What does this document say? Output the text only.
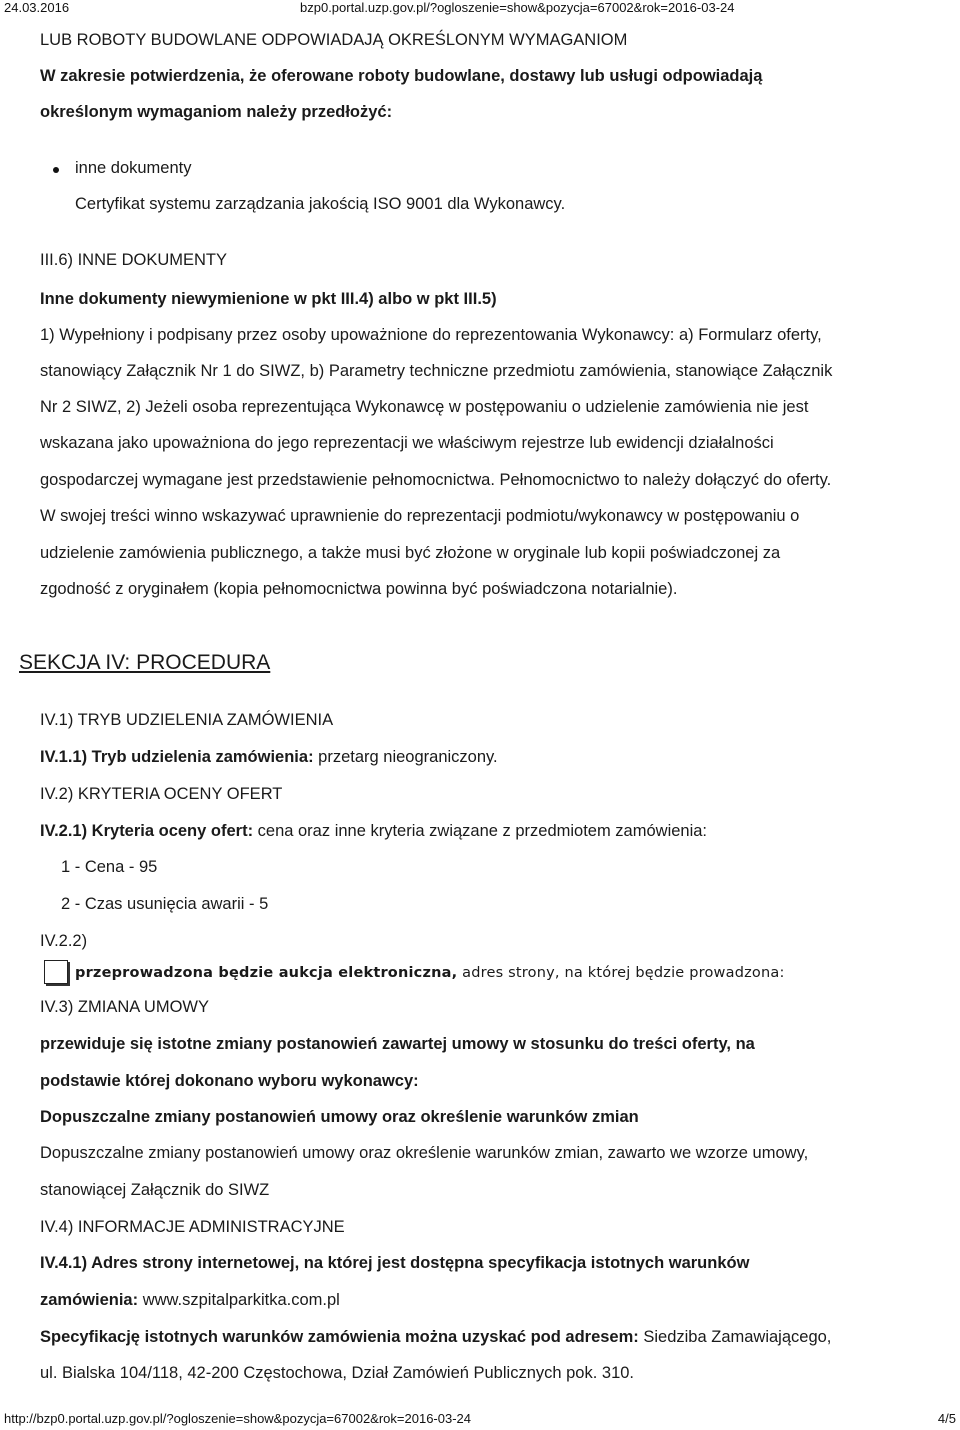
24.03.2016	bzp0.portal.uzp.gov.pl/?ogloszenie=show&pozycja=67002&rok=2016-03-24
LUB ROBOTY BUDOWLANE ODPOWIADAJĄ OKREŚLONYM WYMAGANIOM
W zakresie potwierdzenia, że oferowane roboty budowlane, dostawy lub usługi odpowiadają
określonym wymaganiom należy przedłożyć:
inne dokumenty
Certyfikat systemu zarządzania jakością ISO 9001 dla Wykonawcy.
III.6) INNE DOKUMENTY
Inne dokumenty niewymienione w pkt III.4) albo w pkt III.5)
1) Wypełniony i podpisany przez osoby upoważnione do reprezentowania Wykonawcy: a) Formularz oferty,
stanowiący Załącznik Nr 1 do SIWZ, b) Parametry techniczne przedmiotu zamówienia, stanowiące Załącznik
Nr 2 SIWZ, 2) Jeżeli osoba reprezentująca Wykonawcę w postępowaniu o udzielenie zamówienia nie jest
wskazana jako upoważniona do jego reprezentacji we właściwym rejestrze lub ewidencji działalności
gospodarczej wymagane jest przedstawienie pełnomocnictwa. Pełnomocnictwo to należy dołączyć do oferty.
W swojej treści winno wskazywać uprawnienie do reprezentacji podmiotu/wykonawcy w postępowaniu o
udzielenie zamówienia publicznego, a także musi być złożone w oryginale lub kopii poświadczonej za
zgodność z oryginałem (kopia pełnomocnictwa powinna być poświadczona notarialnie).
SEKCJA IV: PROCEDURA
IV.1) TRYB UDZIELENIA ZAMÓWIENIA
IV.1.1) Tryb udzielenia zamówienia: przetarg nieograniczony.
IV.2) KRYTERIA OCENY OFERT
IV.2.1) Kryteria oceny ofert: cena oraz inne kryteria związane z przedmiotem zamówienia:
1 - Cena - 95
2 - Czas usunięcia awarii - 5
IV.2.2)
przeprowadzona będzie aukcja elektroniczna, adres strony, na której będzie prowadzona:
IV.3) ZMIANA UMOWY
przewiduje się istotne zmiany postanowień zawartej umowy w stosunku do treści oferty, na
podstawie której dokonano wyboru wykonawcy:
Dopuszczalne zmiany postanowień umowy oraz określenie warunków zmian
Dopuszczalne zmiany postanowień umowy oraz określenie warunków zmian, zawarto we wzorze umowy,
stanowiącej Załącznik do SIWZ
IV.4) INFORMACJE ADMINISTRACYJNE
IV.4.1) Adres strony internetowej, na której jest dostępna specyfikacja istotnych warunków
zamówienia: www.szpitalparkitka.com.pl
Specyfikację istotnych warunków zamówienia można uzyskać pod adresem: Siedziba Zamawiającego,
ul. Bialska 104/118, 42-200 Częstochowa, Dział Zamówień Publicznych pok. 310.
http://bzp0.portal.uzp.gov.pl/?ogloszenie=show&pozycja=67002&rok=2016-03-24	4/5
